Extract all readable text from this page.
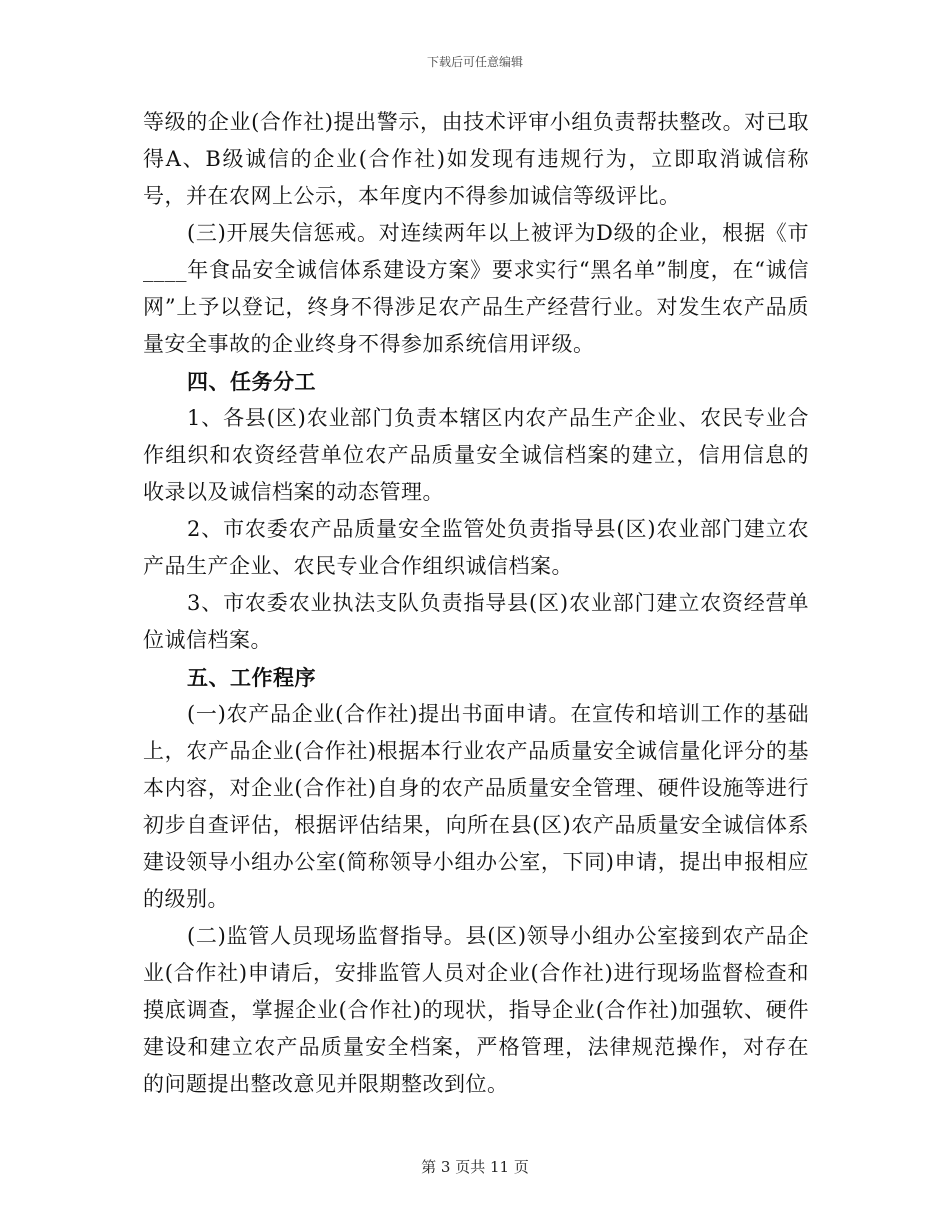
下载后可任意编辑

等级的企业(合作社)提出警示，由技术评审小组负责帮扶整改。对已取得A、B级诚信的企业(合作社)如发现有违规行为，立即取消诚信称号，并在农网上公示，本年度内不得参加诚信等级评比。

(三)开展失信惩戒。对连续两年以上被评为D级的企业，根据《市____年食品安全诚信体系建设方案》要求实行“黑名单”制度，在“诚信网”上予以登记，终身不得涉足农产品生产经营行业。对发生农产品质量安全事故的企业终身不得参加系统信用评级。

四、任务分工

1、各县(区)农业部门负责本辖区内农产品生产企业、农民专业合作组织和农资经营单位农产品质量安全诚信档案的建立，信用信息的收录以及诚信档案的动态管理。

2、市农委农产品质量安全监管处负责指导县(区)农业部门建立农产品生产企业、农民专业合作组织诚信档案。

3、市农委农业执法支队负责指导县(区)农业部门建立农资经营单位诚信档案。

五、工作程序

(一)农产品企业(合作社)提出书面申请。在宣传和培训工作的基础上，农产品企业(合作社)根据本行业农产品质量安全诚信量化评分的基本内容，对企业(合作社)自身的农产品质量安全管理、硬件设施等进行初步自查评估，根据评估结果，向所在县(区)农产品质量安全诚信体系建设领导小组办公室(简称领导小组办公室，下同)申请，提出申报相应的级别。

(二)监管人员现场监督指导。县(区)领导小组办公室接到农产品企业(合作社)申请后，安排监管人员对企业(合作社)进行现场监督检查和摸底调查，掌握企业(合作社)的现状，指导企业(合作社)加强软、硬件建设和建立农产品质量安全档案，严格管理，法律规范操作，对存在的问题提出整改意见并限期整改到位。

第 3 页共 11 页
